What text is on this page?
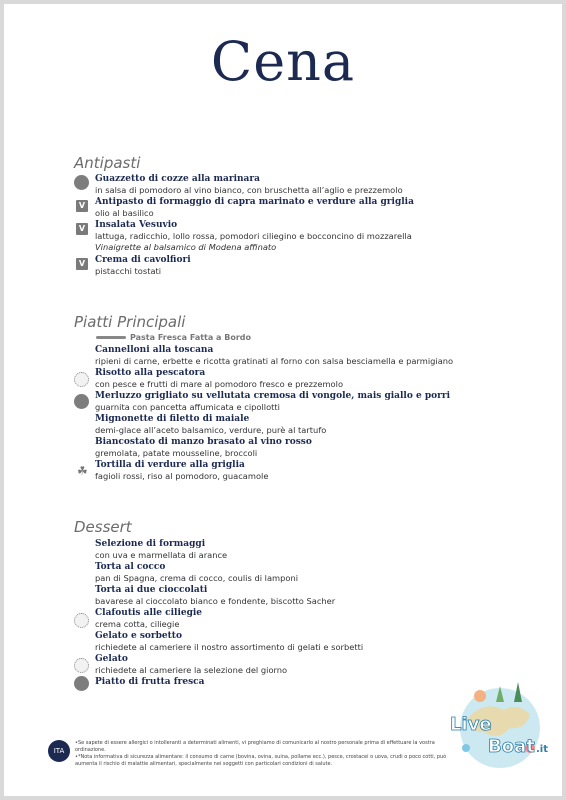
Cena
Antipasti
Guazzetto di cozze alla marinara
in salsa di pomodoro al vino bianco, con bruschetta all’aglio e prezzemolo
V	Antipasto di formaggio di capra marinato e verdure alla griglia
olio al basilico
V	Insalata Vesuvio
lattuga, radicchio, lollo rossa, pomodori ciliegino e bocconcino di mozzarella
Vinaigrette al balsamico di Modena affinato
V	Crema di cavolfiori
pistacchi tostati
Piatti Principali
Pasta Fresca Fatta a Bordo
Cannelloni alla toscana
ripieni di carne, erbette e ricotta gratinati al forno con salsa besciamella e parmigiano
Risotto alla pescatora
con pesce e frutti di mare al pomodoro fresco e prezzemolo
Merluzzo grigliato su vellutata cremosa di vongole, mais giallo e porri
guarnita con pancetta affumicata e cipollotti
Mignonette di filetto di maiale
demi-glace all’aceto balsamico, verdure, purè al tartufo
Biancostato di manzo brasato al vino rosso
gremolata, patate mousseline, broccoli
☘ Tortilla di verdure alla griglia
fagioli rossi, riso al pomodoro, guacamole
Dessert
Selezione di formaggi
con uva e marmellata di arance
Torta al cocco
pan di Spagna, crema di cocco, coulis di lamponi
Torta ai due cioccolati
bavarese al cioccolato bianco e fondente, biscotto Sacher
Clafoutis alle ciliegie
crema cotta, ciliegie
Gelato e sorbetto
richiedete al cameriere il nostro assortimento di gelati e sorbetti
Gelato
richiedete al cameriere la selezione del giorno
Piatto di frutta fresca
ITA
•Se sapete di essere allergici o intolleranti a determinati alimenti, vi preghiamo di comunicarlo al nostro personale prima di effettuare la vostra ordinazione.
•*Nota informativa di sicurezza alimentare: il consumo di carne (bovina, ovina, suina, pollame ecc.), pesce, crostacei o uova, crudi o poco cotti, può
aumenta il rischio di malattie alimentari, specialmente nei soggetti con particolari condizioni di salute.
Live
Boat .it
